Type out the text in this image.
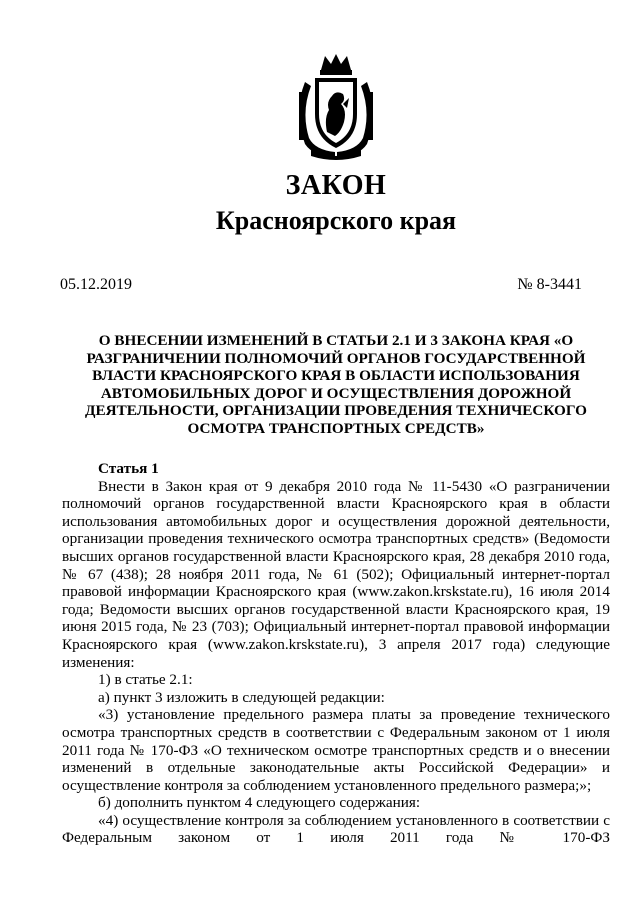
ЗАКОН
Красноярского края
05.12.2019	№ 8-3441
О ВНЕСЕНИИ ИЗМЕНЕНИЙ В СТАТЬИ 2.1 И 3 ЗАКОНА КРАЯ «О РАЗГРАНИЧЕНИИ ПОЛНОМОЧИЙ ОРГАНОВ ГОСУДАРСТВЕННОЙ ВЛАСТИ КРАСНОЯРСКОГО КРАЯ В ОБЛАСТИ ИСПОЛЬЗОВАНИЯ АВТОМОБИЛЬНЫХ ДОРОГ И ОСУЩЕСТВЛЕНИЯ ДОРОЖНОЙ ДЕЯТЕЛЬНОСТИ, ОРГАНИЗАЦИИ ПРОВЕДЕНИЯ ТЕХНИЧЕСКОГО ОСМОТРА ТРАНСПОРТНЫХ СРЕДСТВ»
Статья 1

Внести в Закон края от 9 декабря 2010 года № 11-5430 «О разграничении полномочий органов государственной власти Красноярского края в области использования автомобильных дорог и осуществления дорожной деятельности, организации проведения технического осмотра транспортных средств» (Ведомости высших органов государственной власти Красноярского края, 28 декабря 2010 года, № 67 (438); 28 ноября 2011 года, № 61 (502); Официальный интернет-портал правовой информации Красноярского края (www.zakon.krskstate.ru), 16 июля 2014 года; Ведомости высших органов государственной власти Красноярского края, 19 июня 2015 года, № 23 (703); Официальный интернет-портал правовой информации Красноярского края (www.zakon.krskstate.ru), 3 апреля 2017 года) следующие изменения:

1) в статье 2.1:

а) пункт 3 изложить в следующей редакции:

«3) установление предельного размера платы за проведение технического осмотра транспортных средств в соответствии с Федеральным законом от 1 июля 2011 года № 170-ФЗ «О техническом осмотре транспортных средств и о внесении изменений в отдельные законодательные акты Российской Федерации» и осуществление контроля за соблюдением установленного предельного размера;»;

б) дополнить пунктом 4 следующего содержания:

«4) осуществление контроля за соблюдением установленного в соответствии с Федеральным законом от 1 июля 2011 года № 170-ФЗ
